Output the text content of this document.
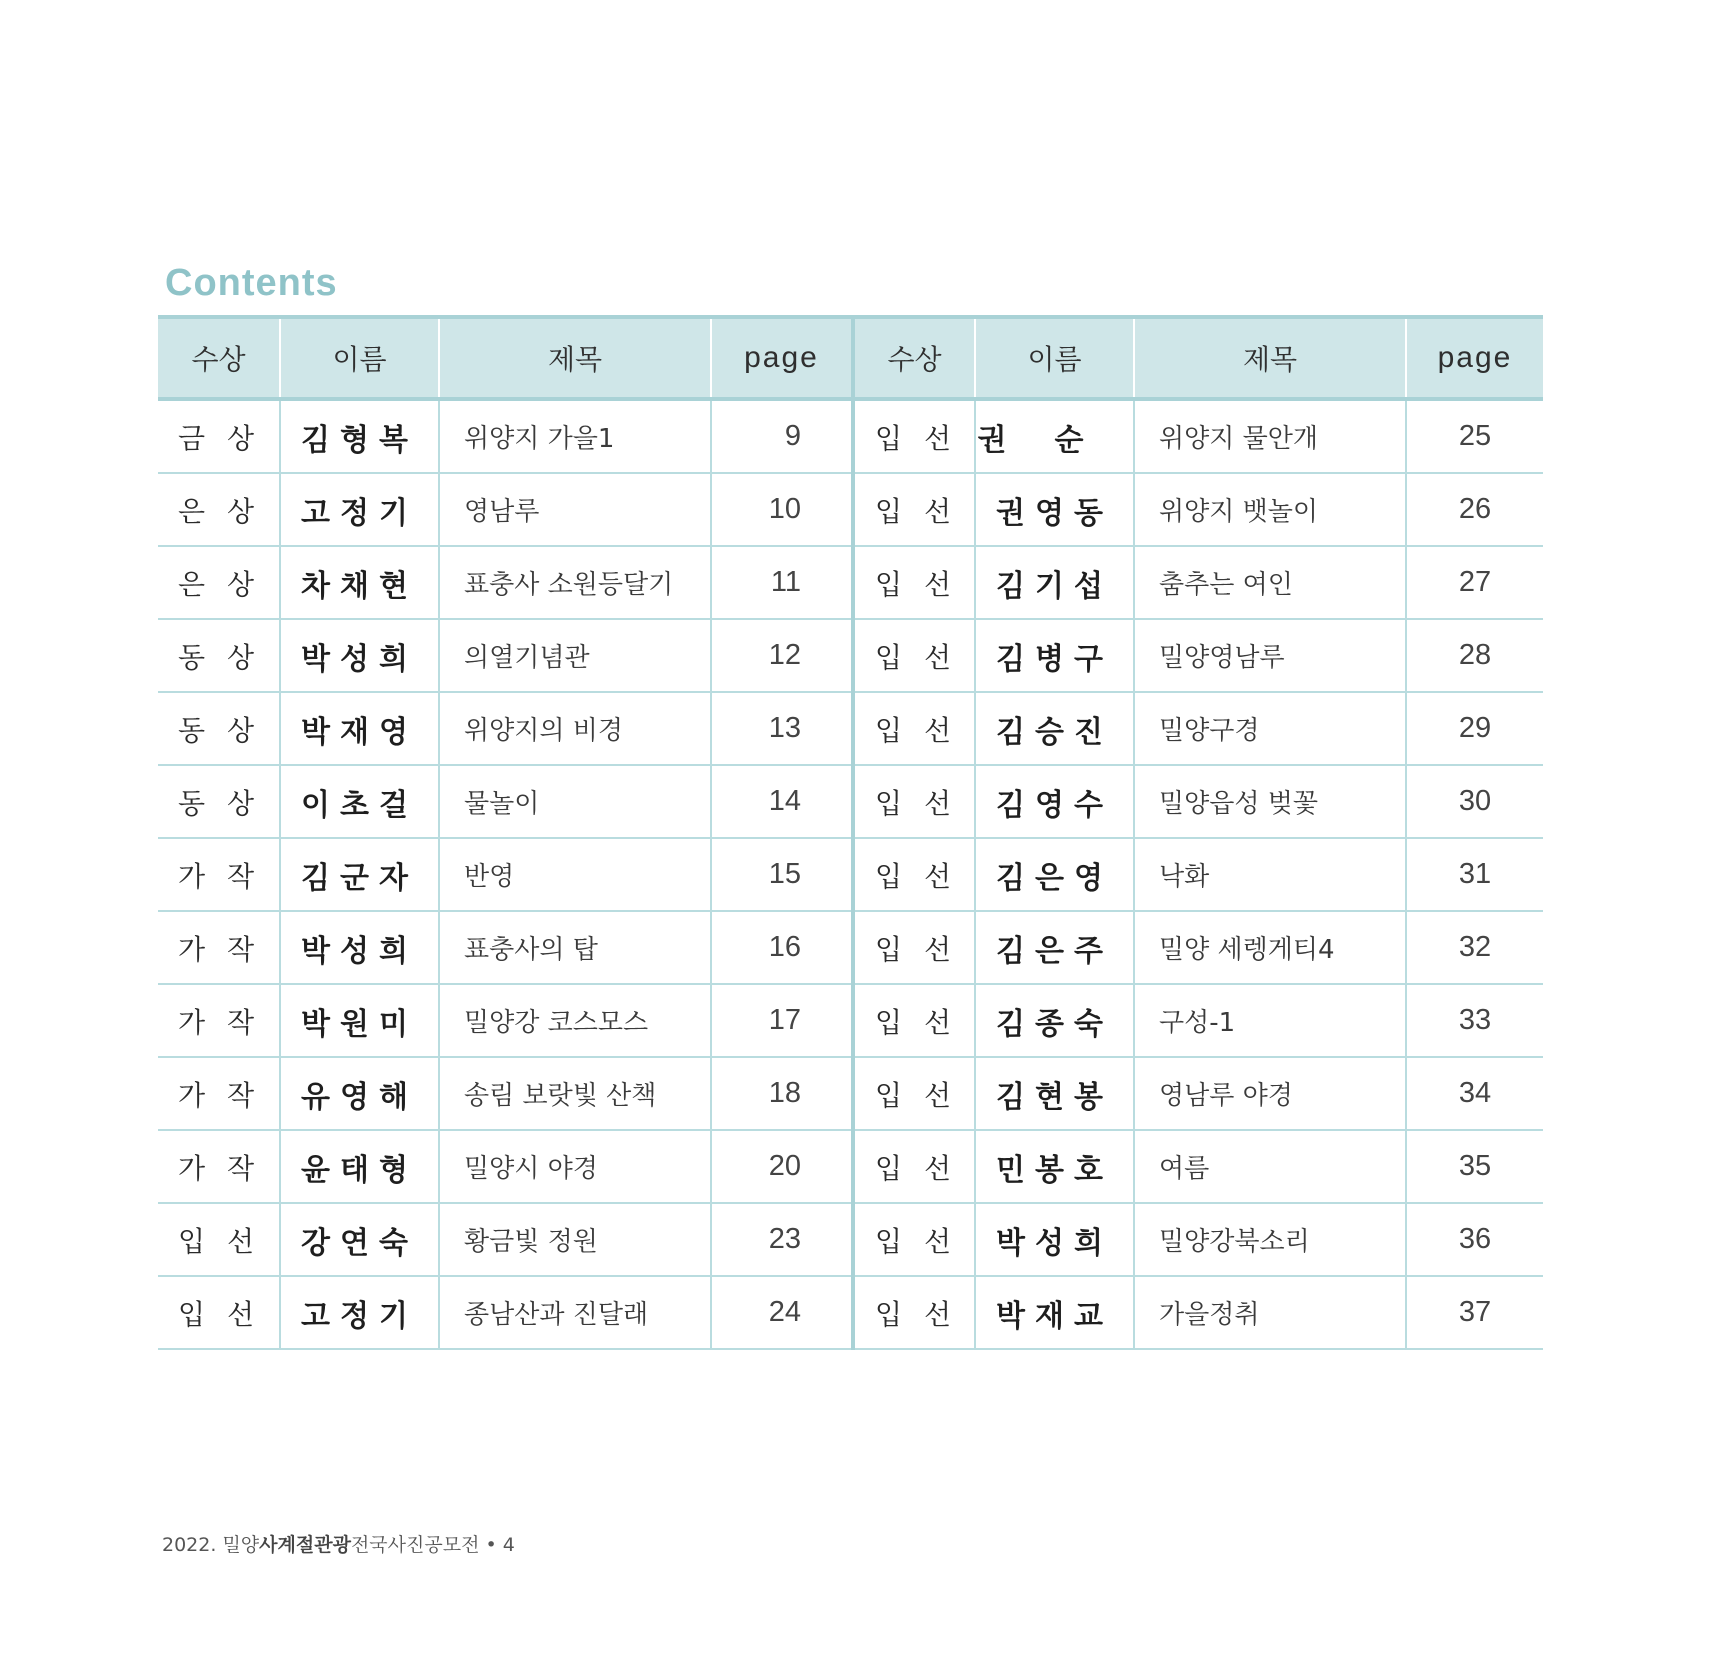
Contents
수상	이름	제목	page	수상	이름	제목	page
금상	김형복	위양지 가을1	9	입선	권순	위양지 물안개	25
은상	고정기	영남루	10	입선	권영동	위양지 뱃놀이	26
은상	차채현	표충사 소원등달기	11	입선	김기섭	춤추는 여인	27
동상	박성희	의열기념관	12	입선	김병구	밀양영남루	28
동상	박재영	위양지의 비경	13	입선	김승진	밀양구경	29
동상	이초걸	물놀이	14	입선	김영수	밀양읍성 벚꽃	30
가작	김군자	반영	15	입선	김은영	낙화	31
가작	박성희	표충사의 탑	16	입선	김은주	밀양 세렝게티4	32
가작	박원미	밀양강 코스모스	17	입선	김종숙	구성-1	33
가작	유영해	송림 보랏빛 산책	18	입선	김현봉	영남루 야경	34
가작	윤태형	밀양시 야경	20	입선	민봉호	여름	35
입선	강연숙	황금빛 정원	23	입선	박성희	밀양강북소리	36
입선	고정기	종남산과 진달래	24	입선	박재교	가을정취	37
2022. 밀양사계절관광전국사진공모전 • 4
